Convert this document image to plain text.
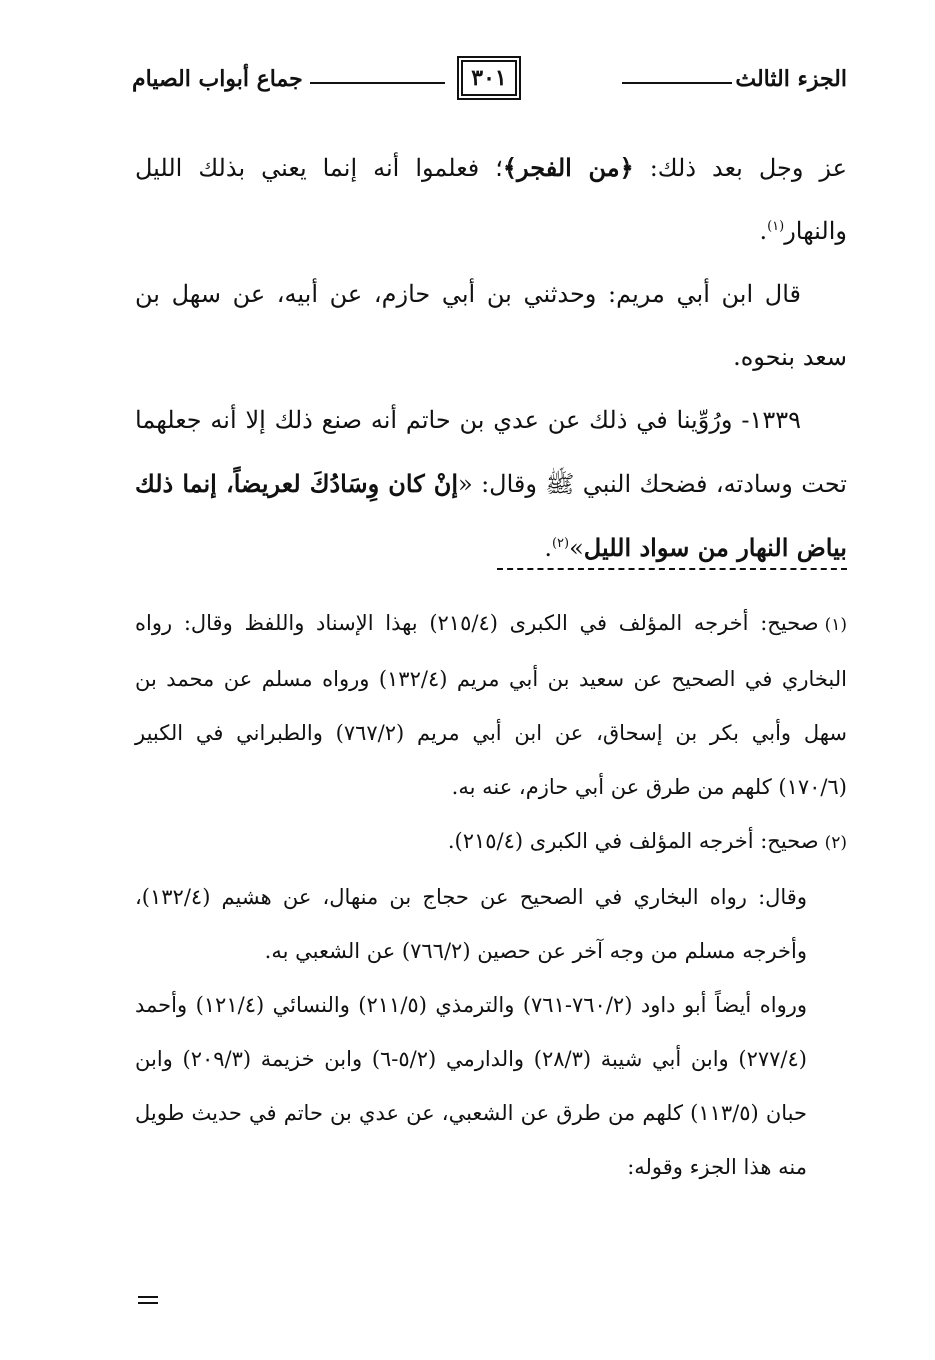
الجزء الثالث
٣٠١
جماع أبواب الصيام

عز وجل بعد ذلك: ﴿من الفجر﴾؛ فعلموا أنه إنما يعني بذلك الليل والنهار$^{(١)}$.

قال ابن أبي مريم: وحدثني بن أبي حازم، عن أبيه، عن سهل بن سعد بنحوه.

١٣٣٩- ورُوِّينا في ذلك عن عدي بن حاتم أنه صنع ذلك إلا أنه جعلهما تحت وسادته، فضحك النبي ﷺ وقال: «إنْ كان وِسَادُكَ لعريضاً، إنما ذلك بياض النهار من سواد الليل»$^{(٢)}$.

(١)صحيح: أخرجه المؤلف في الكبرى (٢١٥/٤) بهذا الإسناد واللفظ وقال: رواه البخاري في الصحيح عن سعيد بن أبي مريم (١٣٢/٤) ورواه مسلم عن محمد بن سهل وأبي بكر بن إسحاق، عن ابن أبي مريم (٧٦٧/٢) والطبراني في الكبير (١٧٠/٦) كلهم من طرق عن أبي حازم، عنه به.

(٢)صحيح: أخرجه المؤلف في الكبرى (٢١٥/٤).

وقال: رواه البخاري في الصحيح عن حجاج بن منهال، عن هشيم (١٣٢/٤)، وأخرجه مسلم من وجه آخر عن حصين (٧٦٦/٢) عن الشعبي به.

ورواه أيضاً أبو داود (٧٦٠/٢-٧٦١) والترمذي (٢١١/٥) والنسائي (١٢١/٤) وأحمد (٢٧٧/٤) وابن أبي شيبة (٢٨/٣) والدارمي (٥/٢-٦) وابن خزيمة (٢٠٩/٣) وابن حبان (١١٣/٥) كلهم من طرق عن الشعبي، عن عدي بن حاتم في حديث طويل منه هذا الجزء وقوله:
